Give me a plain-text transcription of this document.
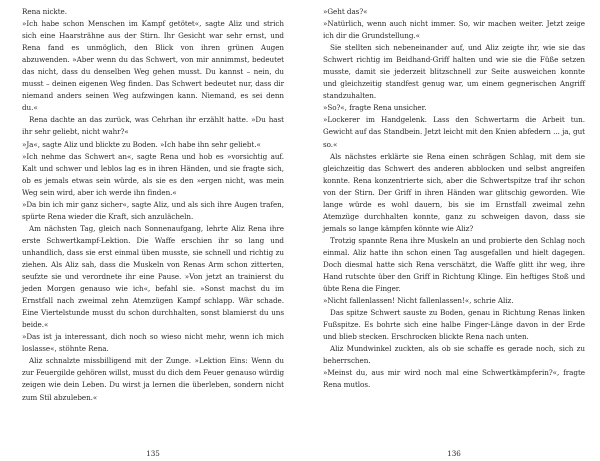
Rena nickte.

»Ich habe schon Menschen im Kampf getötet«, sagte Aliz und strich sich eine Haarsträhne aus der Stirn. Ihr Gesicht war sehr ernst, und Rena fand es unmöglich, den Blick von ihren grünen Augen abzuwenden. »Aber wenn du das Schwert, von mir annimmst, bedeutet das nicht, dass du denselben Weg gehen musst. Du kannst – nein, du musst – deinen eigenen Weg finden. Das Schwert bedeutet nur, dass dir niemand anders seinen Weg aufzwingen kann. Niemand, es sei denn du.«

Rena dachte an das zurück, was Cehrhan ihr erzählt hatte. »Du hast ihr sehr geliebt, nicht wahr?«

»Ja«, sagte Aliz und blickte zu Boden. »Ich habe ihn sehr geliebt.«

»Ich nehme das Schwert an«, sagte Rena und hob es »vorsichtig auf. Kalt und schwer und leblos lag es in ihren Händen, und sie fragte sich, ob es jemals etwas sein würde, als sie es den »ergen nicht, was mein Weg sein wird, aber ich werde ihn finden.«

»Da bin ich mir ganz sicher«, sagte Aliz, und als sich ihre Augen trafen, spürte Rena wieder die Kraft, sich anzulächeln.

Am nächsten Tag, gleich nach Sonnenaufgang, lehrte Aliz Rena ihre erste Schwertkampf-Lektion. Die Waffe erschien ihr so lang und unhandlich, dass sie erst einmal üben musste, sie schnell und richtig zu ziehen. Als Aliz sah, dass die Muskeln von Renas Arm schon zitterten, seufzte sie und verordnete ihr eine Pause. »Von jetzt an trainierst du jeden Morgen genauso wie ich«, befahl sie. »Sonst machst du im Ernstfall nach zweimal zehn Atemzügen Kampf schlapp. Wär schade. Eine Viertelstunde musst du schon durchhalten, sonst blamierst du uns beide.«

»Das ist ja interessant, dich noch so wieso nicht mehr, wenn ich mich loslasse«, stöhnte Rena.

Aliz schnalzte missbilligend mit der Zunge. »Lektion Eins: Wenn du zur Feuergilde gehören willst, musst du dich dem Feuer genauso würdig zeigen wie dein Leben. Du wirst ja lernen die überleben, sondern nicht zum Stil abzuleben.«

135

»Geht das?«

»Natürlich, wenn auch nicht immer. So, wir machen weiter. Jetzt zeige ich dir die Grundstellung.«

Sie stellten sich nebeneinander auf, und Aliz zeigte ihr, wie sie das Schwert richtig im Beidhand-Griff halten und wie sie die Füße setzen musste, damit sie jederzeit blitzschnell zur Seite ausweichen konnte und gleichzeitig standfest genug war, um einem gegnerischen Angriff standzuhalten.

»So?«, fragte Rena unsicher.

»Lockerer im Handgelenk. Lass den Schwertarm die Arbeit tun. Gewicht auf das Standbein. Jetzt leicht mit den Knien abfedern ... ja, gut so.«

Als nächstes erklärte sie Rena einen schrägen Schlag, mit dem sie gleichzeitig das Schwert des anderen abblocken und selbst angreifen konnte. Rena konzentrierte sich, aber die Schwertspitze traf ihr schon von der Stirn. Der Griff in ihren Händen war glitschig geworden. Wie lange würde es wohl dauern, bis sie im Ernstfall zweimal zehn Atemzüge durchhalten konnte, ganz zu schweigen davon, dass sie jemals so lange kämpfen könnte wie Aliz?

Trotzig spannte Rena ihre Muskeln an und probierte den Schlag noch einmal. Aliz hatte ihn schon einen Tag ausgefallen und hielt dagegen. Doch diesmal hatte sich Rena verschätzt, die Waffe glitt ihr weg, ihre Hand rutschte über den Griff in Richtung Klinge. Ein heftiges Stoß und übte Rena die Finger.

»Nicht fallenlassen! Nicht fallenlassen!«, schrie Aliz.

Das spitze Schwert sauste zu Boden, genau in Richtung Renas linken Fußspitze. Es bohrte sich eine halbe Finger-Länge davon in der Erde und blieb stecken. Erschrocken blickte Rena nach unten.

Aliz Mundwinkel zuckten, als ob sie schaffe es gerade noch, sich zu beherrschen.

»Meinst du, aus mir wird noch mal eine Schwertkämpferin?«, fragte Rena mutlos.

136
